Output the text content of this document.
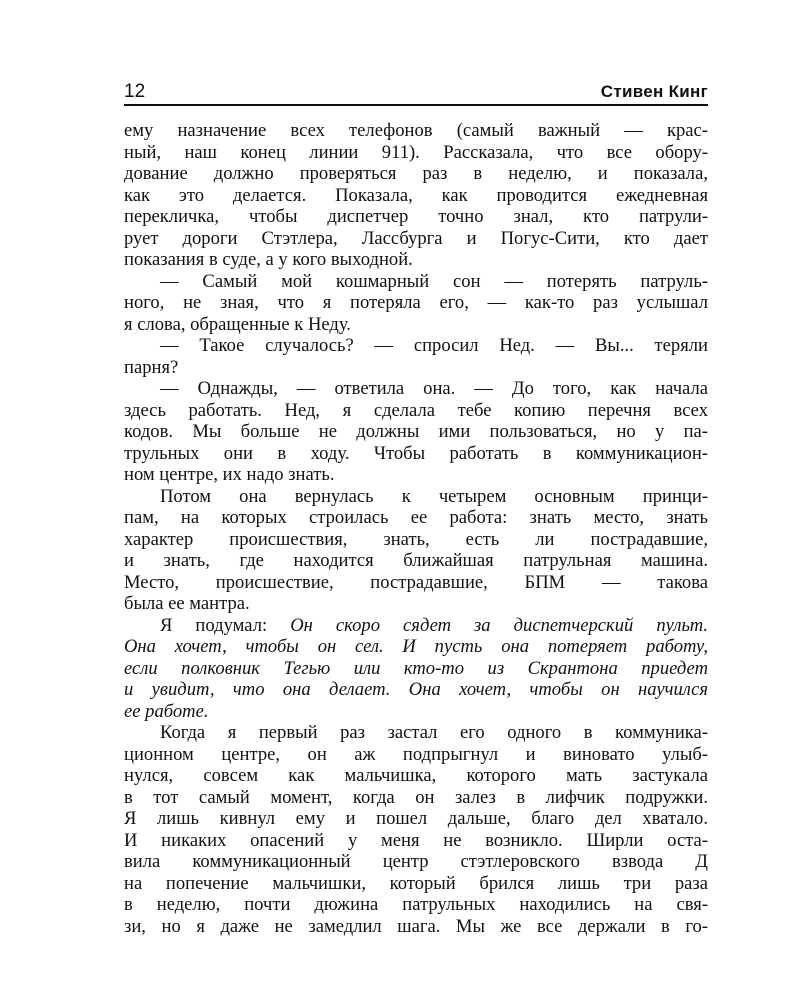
12	Стивен Кинг
ему назначение всех телефонов (самый важный — крас-
ный, наш конец линии 911). Рассказала, что все обору-
дование должно проверяться раз в неделю, и показала,
как это делается. Показала, как проводится ежедневная
перекличка, чтобы диспетчер точно знал, кто патрули-
рует дороги Стэтлера, Лассбурга и Погус-Сити, кто дает
показания в суде, а у кого выходной.
— Самый мой кошмарный сон — потерять патруль-
ного, не зная, что я потеряла его, — как-то раз услышал
я слова, обращенные к Неду.
— Такое случалось? — спросил Нед. — Вы... теряли
парня?
— Однажды, — ответила она. — До того, как начала
здесь работать. Нед, я сделала тебе копию перечня всех
кодов. Мы больше не должны ими пользоваться, но у па-
трульных они в ходу. Чтобы работать в коммуникацион-
ном центре, их надо знать.
Потом она вернулась к четырем основным принци-
пам, на которых строилась ее работа: знать место, знать
характер происшествия, знать, есть ли пострадавшие,
и знать, где находится ближайшая патрульная машина.
Место, происшествие, пострадавшие, БПМ — такова
была ее мантра.
Я подумал: Он скоро сядет за диспетчерский пульт.
Она хочет, чтобы он сел. И пусть она потеряет работу,
если полковник Тегью или кто-то из Скрантона приедет
и увидит, что она делает. Она хочет, чтобы он научился
ее работе.
Когда я первый раз застал его одного в коммуника-
ционном центре, он аж подпрыгнул и виновато улыб-
нулся, совсем как мальчишка, которого мать застукала
в тот самый момент, когда он залез в лифчик подружки.
Я лишь кивнул ему и пошел дальше, благо дел хватало.
И никаких опасений у меня не возникло. Ширли оста-
вила коммуникационный центр стэтлеровского взвода Д
на попечение мальчишки, который брился лишь три раза
в неделю, почти дюжина патрульных находились на свя-
зи, но я даже не замедлил шага. Мы же все держали в го-
